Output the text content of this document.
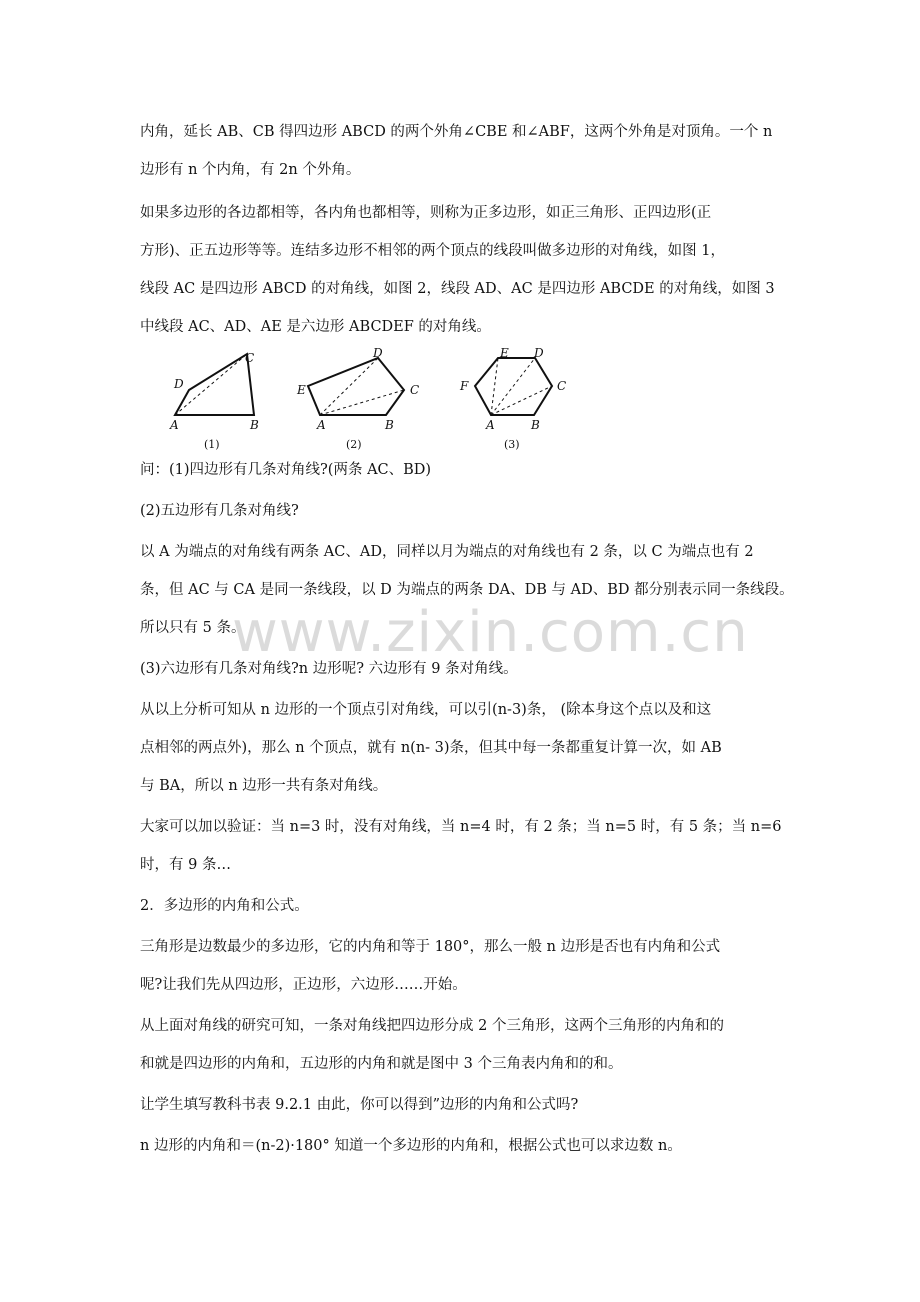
内角，延长 AB、CB 得四边形 ABCD 的两个外角∠CBE 和∠ABF，这两个外角是对顶角。一个 n
边形有 n 个内角，有 2n 个外角。
如果多边形的各边都相等，各内角也都相等，则称为正多边形，如正三角形、正四边形(正
方形)、正五边形等等。连结多边形不相邻的两个顶点的线段叫做多边形的对角线，如图 1，
线段 AC 是四边形 ABCD 的对角线，如图 2，线段 AD、AC 是四边形 ABCDE 的对角线，如图 3
中线段 AC、AD、AE 是六边形 ABCDEF 的对角线。
C
D
A	B
(1)
D
E	C
A	B
(2)
E D
F	C
A	B
(3)
问：(1)四边形有几条对角线?(两条 AC、BD)
(2)五边形有几条对角线?
以 A 为端点的对角线有两条 AC、AD，同样以月为端点的对角线也有 2 条，以 C 为端点也有 2
条，但 AC 与 CA 是同一条线段，以 D 为端点的两条 DA、DB 与 AD、BD 都分别表示同一条线段。
所以只有 5 条。
(3)六边形有几条对角线?n 边形呢? 六边形有 9 条对角线。
从以上分析可知从 n 边形的一个顶点引对角线，可以引(n-3)条， (除本身这个点以及和这
点相邻的两点外)，那么 n 个顶点，就有 n(n- 3)条，但其中每一条都重复计算一次，如 AB
与 BA，所以 n 边形一共有条对角线。
大家可以加以验证：当 n=3 时，没有对角线，当 n=4 时，有 2 条；当 n=5 时，有 5 条；当 n=6
时，有 9 条…
2．多边形的内角和公式。
三角形是边数最少的多边形，它的内角和等于 180°，那么一般 n 边形是否也有内角和公式
呢?让我们先从四边形，正边形，六边形……开始。
从上面对角线的研究可知，一条对角线把四边形分成 2 个三角形，这两个三角形的内角和的
和就是四边形的内角和，五边形的内角和就是图中 3 个三角表内角和的和。
让学生填写教科书表 9.2.1 由此，你可以得到”边形的内角和公式吗?
n 边形的内角和＝(n-2)·180° 知道一个多边形的内角和，根据公式也可以求边数 n。
www.zixin.com.cn
